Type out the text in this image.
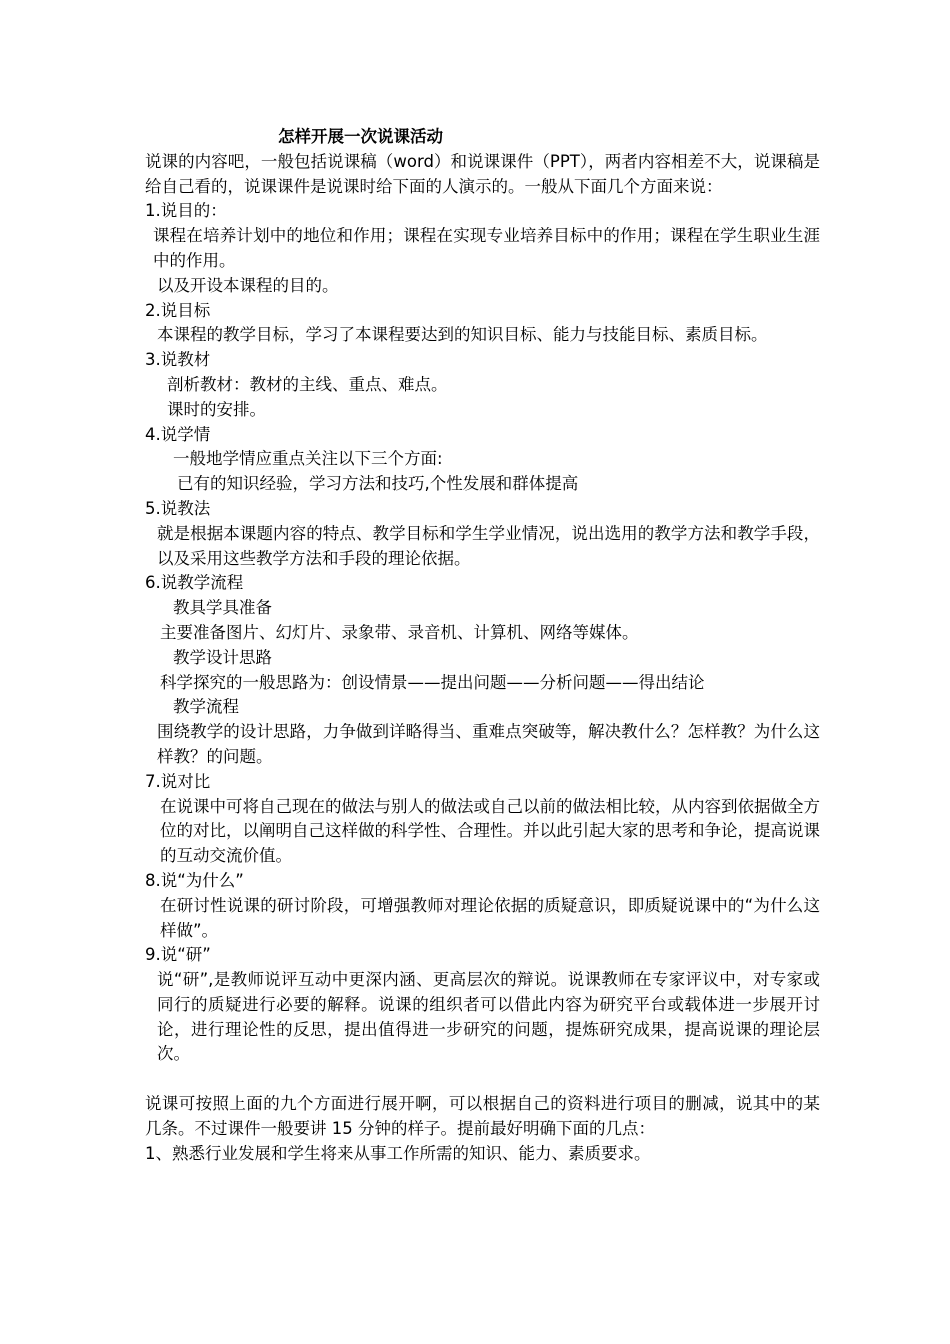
怎样开展一次说课活动

说课的内容吧，一般包括说课稿（word）和说课课件（PPT），两者内容相差不大，说课稿是给自己看的，说课课件是说课时给下面的人演示的。一般从下面几个方面来说：

1.说目的：

课程在培养计划中的地位和作用；课程在实现专业培养目标中的作用；课程在学生职业生涯中的作用。

以及开设本课程的目的。

2.说目标

本课程的教学目标，学习了本课程要达到的知识目标、能力与技能目标、素质目标。

3.说教材

剖析教材：教材的主线、重点、难点。

课时的安排。

4.说学情

一般地学情应重点关注以下三个方面:

已有的知识经验，学习方法和技巧,个性发展和群体提高

5.说教法

就是根据本课题内容的特点、教学目标和学生学业情况，说出选用的教学方法和教学手段，以及采用这些教学方法和手段的理论依据。

6.说教学流程

教具学具准备

主要准备图片、幻灯片、录象带、录音机、计算机、网络等媒体。

教学设计思路

科学探究的一般思路为：创设情景——提出问题——分析问题——得出结论

教学流程

围绕教学的设计思路，力争做到详略得当、重难点突破等，解决教什么？怎样教？为什么这样教？的问题。

7.说对比

在说课中可将自己现在的做法与别人的做法或自己以前的做法相比较，从内容到依据做全方位的对比，以阐明自己这样做的科学性、合理性。并以此引起大家的思考和争论，提高说课的互动交流价值。

8.说“为什么”

在研讨性说课的研讨阶段，可增强教师对理论依据的质疑意识，即质疑说课中的“为什么这样做”。

9.说“研”

说“研”,是教师说评互动中更深内涵、更高层次的辩说。说课教师在专家评议中，对专家或同行的质疑进行必要的解释。说课的组织者可以借此内容为研究平台或载体进一步展开讨论，进行理论性的反思，提出值得进一步研究的问题，提炼研究成果，提高说课的理论层次。

说课可按照上面的九个方面进行展开啊，可以根据自己的资料进行项目的删减，说其中的某几条。不过课件一般要讲 15 分钟的样子。提前最好明确下面的几点：

1、熟悉行业发展和学生将来从事工作所需的知识、能力、素质要求。
